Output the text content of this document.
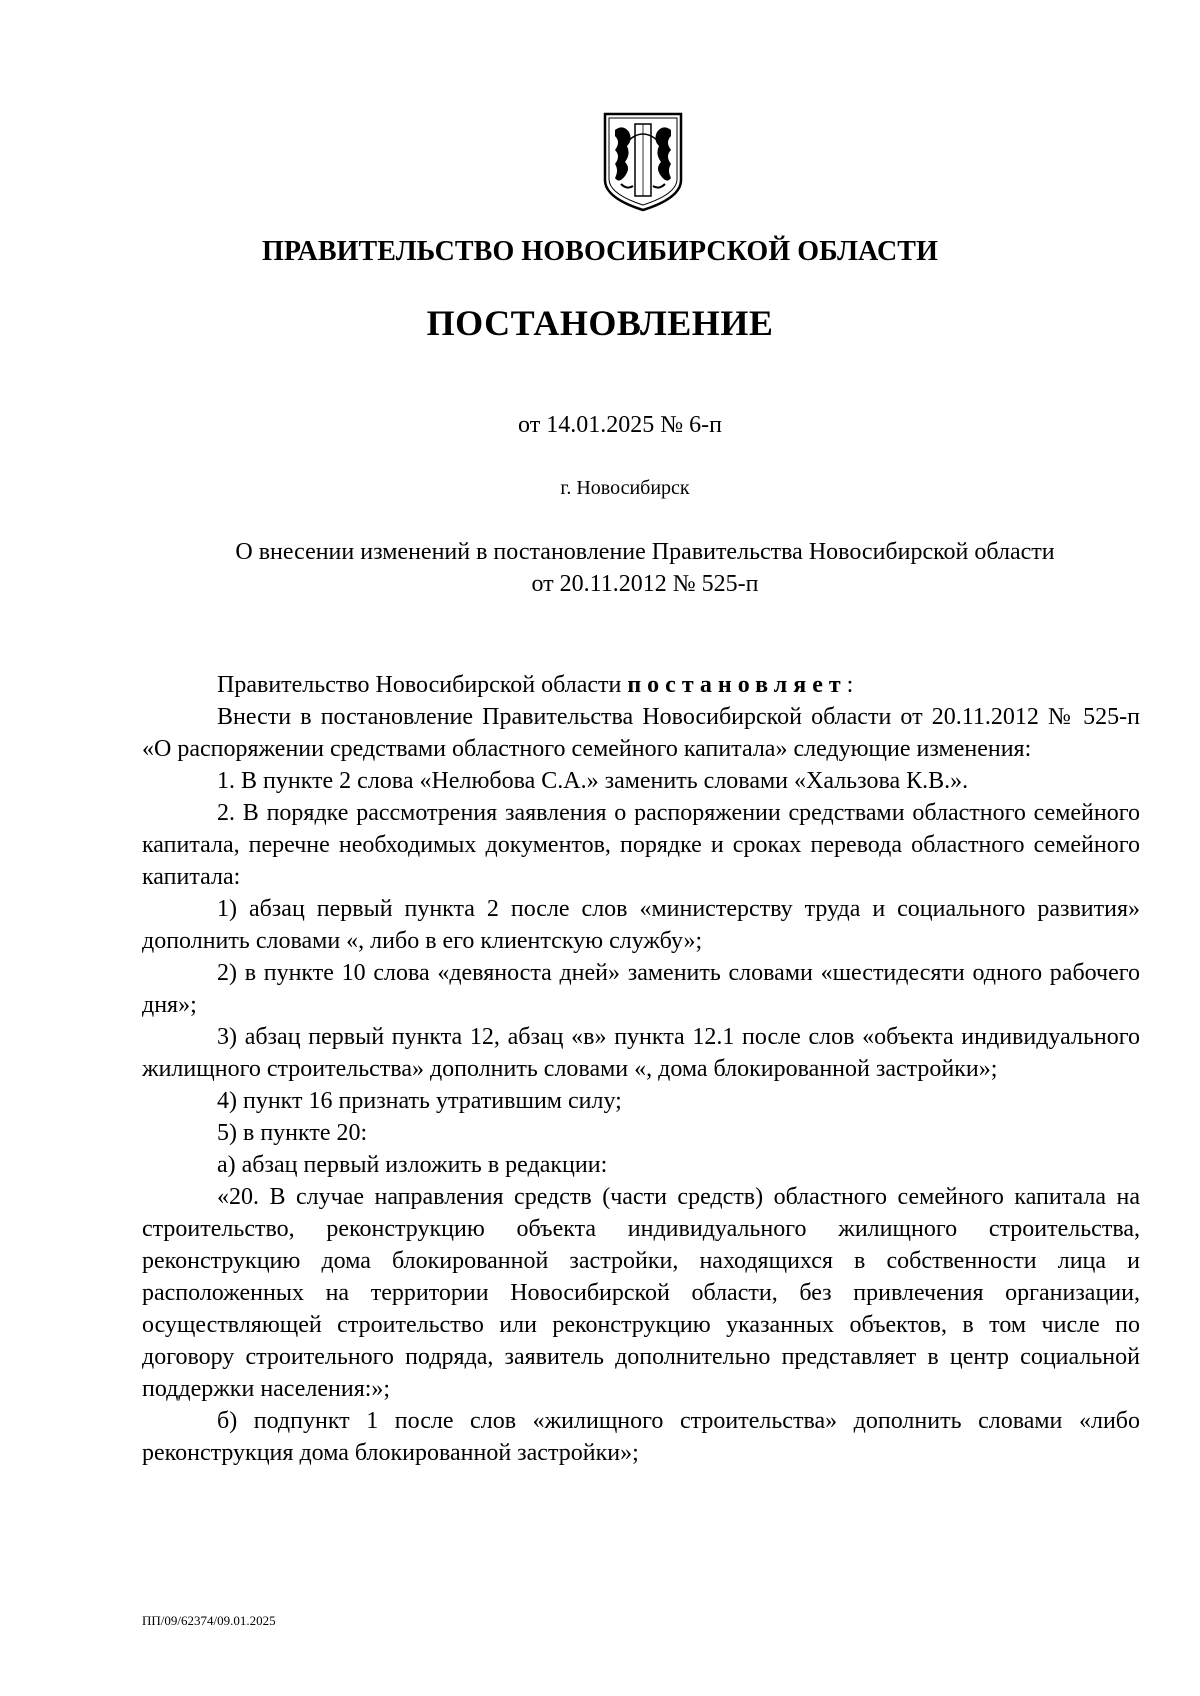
ПРАВИТЕЛЬСТВО НОВОСИБИРСКОЙ ОБЛАСТИ
ПОСТАНОВЛЕНИЕ
от 14.01.2025 № 6-п
г. Новосибирск
О внесении изменений в постановление Правительства Новосибирской области
от 20.11.2012 № 525-п

Правительство Новосибирской области постановляет:

Внести в постановление Правительства Новосибирской области от 20.11.2012 № 525-п «О распоряжении средствами областного семейного капитала» следующие изменения:

1. В пункте 2 слова «Нелюбова С.А.» заменить словами «Хальзова К.В.».

2. В порядке рассмотрения заявления о распоряжении средствами областного семейного капитала, перечне необходимых документов, порядке и сроках перевода областного семейного капитала:

1) абзац первый пункта 2 после слов «министерству труда и социального развития» дополнить словами «, либо в его клиентскую службу»;

2) в пункте 10 слова «девяноста дней» заменить словами «шестидесяти одного рабочего дня»;

3) абзац первый пункта 12, абзац «в» пункта 12.1 после слов «объекта индивидуального жилищного строительства» дополнить словами «, дома блокированной застройки»;

4) пункт 16 признать утратившим силу;

5) в пункте 20:

а) абзац первый изложить в редакции:

«20. В случае направления средств (части средств) областного семейного капитала на строительство, реконструкцию объекта индивидуального жилищного строительства, реконструкцию дома блокированной застройки, находящихся в собственности лица и расположенных на территории Новосибирской области, без привлечения организации, осуществляющей строительство или реконструкцию указанных объектов, в том числе по договору строительного подряда, заявитель дополнительно представляет в центр социальной поддержки населения:»;

б) подпункт 1 после слов «жилищного строительства» дополнить словами «либо реконструкция дома блокированной застройки»;

ПП/09/62374/09.01.2025
